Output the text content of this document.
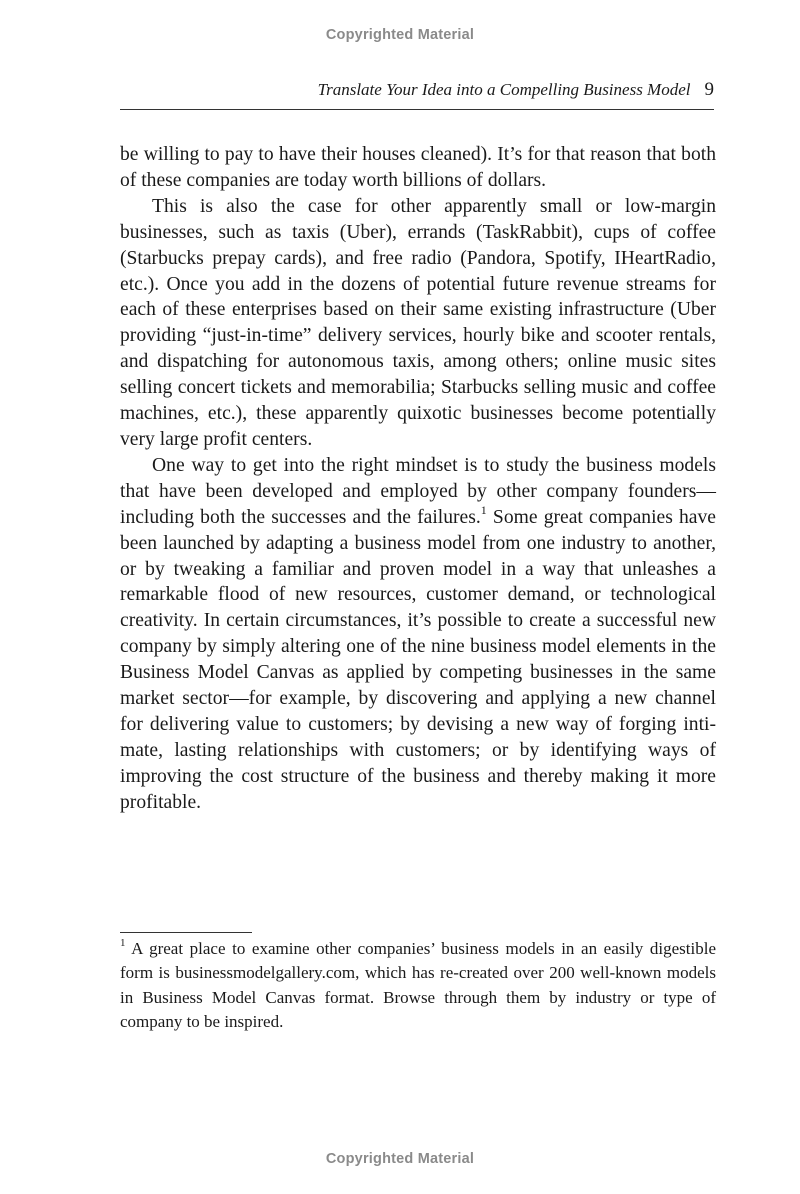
Copyrighted Material
Translate Your Idea into a Compelling Business Model 9

be willing to pay to have their houses cleaned). It’s for that reason that both of these companies are today worth billions of dollars.

This is also the case for other apparently small or low-margin businesses, such as taxis (Uber), errands (TaskRabbit), cups of coffee (Starbucks prepay cards), and free radio (Pandora, Spotify, IHeartRadio, etc.). Once you add in the dozens of potential future revenue streams for each of these enterprises based on their same existing infrastructure (Uber providing “just-in-time” delivery services, hourly bike and scooter rentals, and dispatching for autonomous taxis, among others; online music sites selling concert tickets and memorabilia; Starbucks selling music and coffee machines, etc.), these apparently quixotic businesses become potentially very large profit centers.

One way to get into the right mindset is to study the business models that have been developed and employed by other company founders—including both the successes and the failures.$^1$ Some great companies have been launched by adapting a business model from one industry to another, or by tweaking a familiar and proven model in a way that unleashes a remarkable flood of new resources, customer demand, or technological creativity. In certain circumstances, it’s possible to create a successful new company by simply altering one of the nine business model elements in the Business Model Canvas as applied by competing businesses in the same market sector—for example, by discovering and applying a new channel for delivering value to customers; by devising a new way of forging intimate, lasting relationships with customers; or by identifying ways of improving the cost structure of the business and thereby making it more profitable.

$^1$ A great place to examine other companies’ business models in an easily digestible form is businessmodelgallery.com, which has re-created over 200 well-known models in Business Model Canvas format. Browse through them by industry or type of company to be inspired.

Copyrighted Material
